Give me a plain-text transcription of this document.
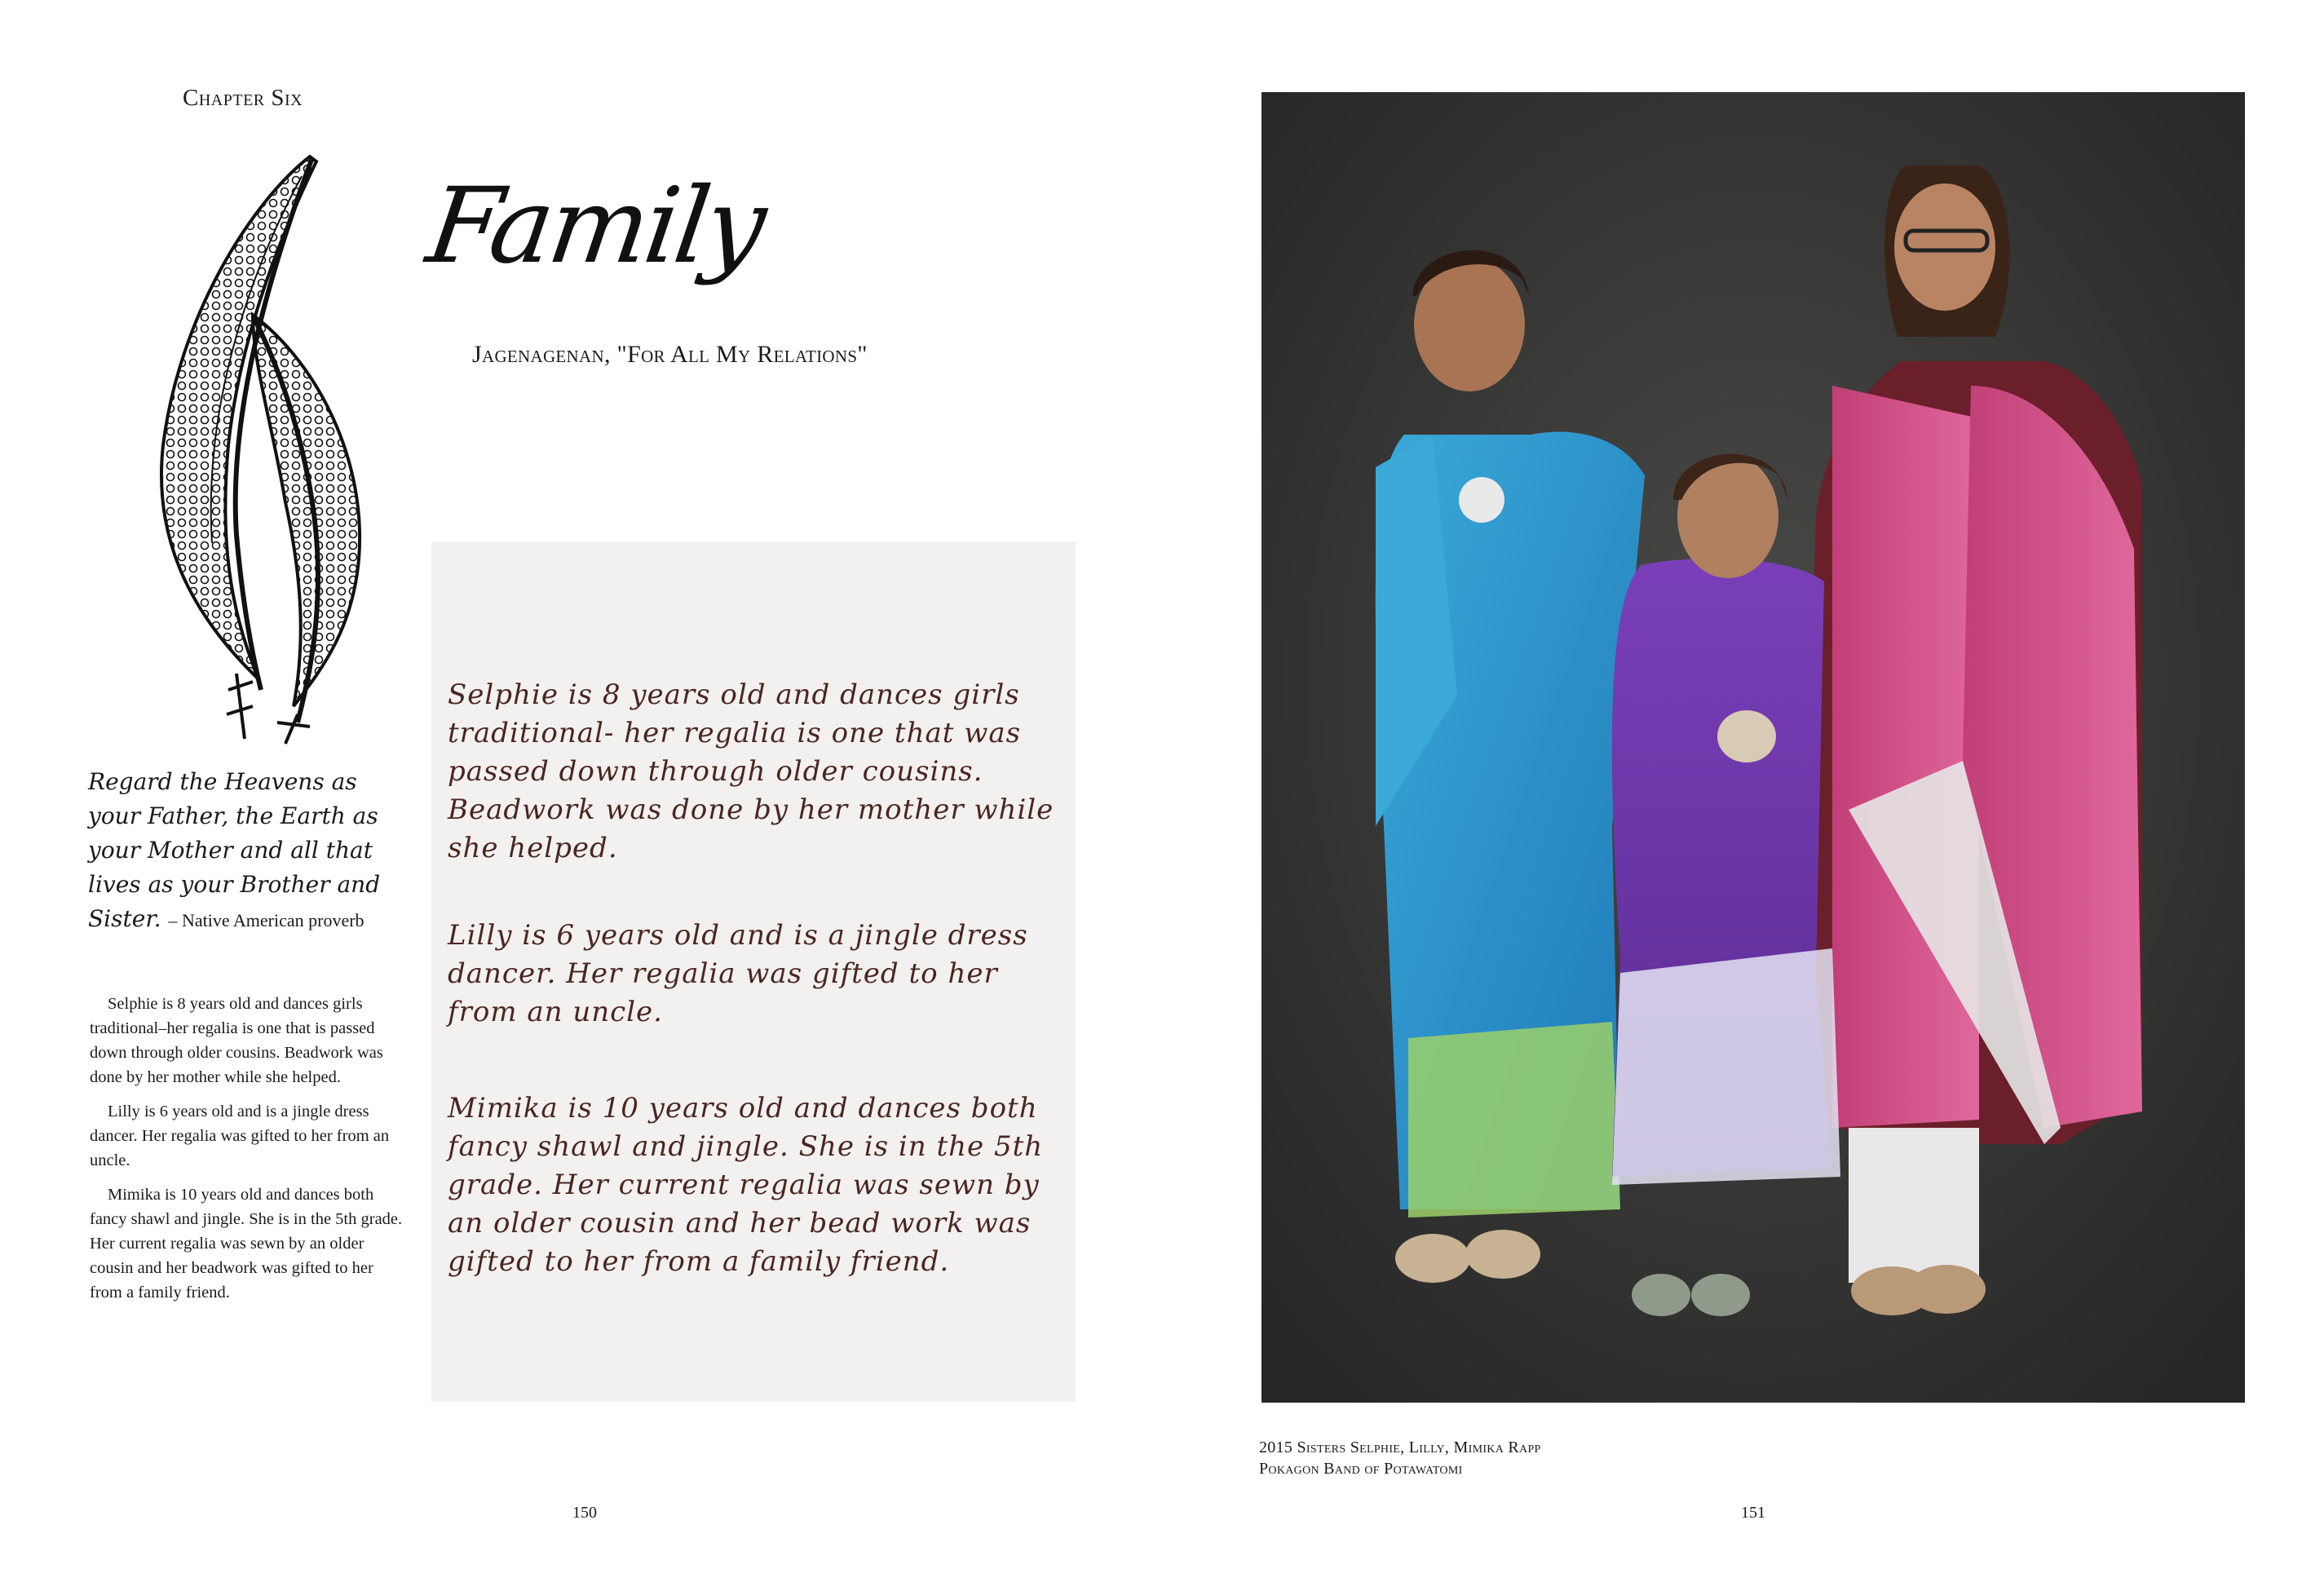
Chapter Six
Family
Jagenagenan, "For All My Relations"
Regard the Heavens as your Father, the Earth as your Mother and all that lives as your Brother and Sister. – Native American proverb

Selphie is 8 years old and dances girls traditional–her regalia is one that is passed down through older cousins. Beadwork was done by her mother while she helped.

Lilly is 6 years old and is a jingle dress dancer. Her regalia was gifted to her from an uncle.

Mimika is 10 years old and dances both fancy shawl and jingle. She is in the 5th grade. Her current regalia was sewn by an older cousin and her beadwork was gifted to her from a family friend.

Selphie is 8 years old and dances girls traditional- her regalia is one that was passed down through older cousins. Beadwork was done by her mother while she helped.
Lilly is 6 years old and is a jingle dress dancer. Her regalia was gifted to her from an uncle.
Mimika is 10 years old and dances both fancy shawl and jingle. She is in the 5th grade. Her current regalia was sewn by an older cousin and her bead work was gifted to her from a family friend.
150
2015 Sisters Selphie, Lilly, Mimika Rapp
Pokagon Band of Potawatomi
151
